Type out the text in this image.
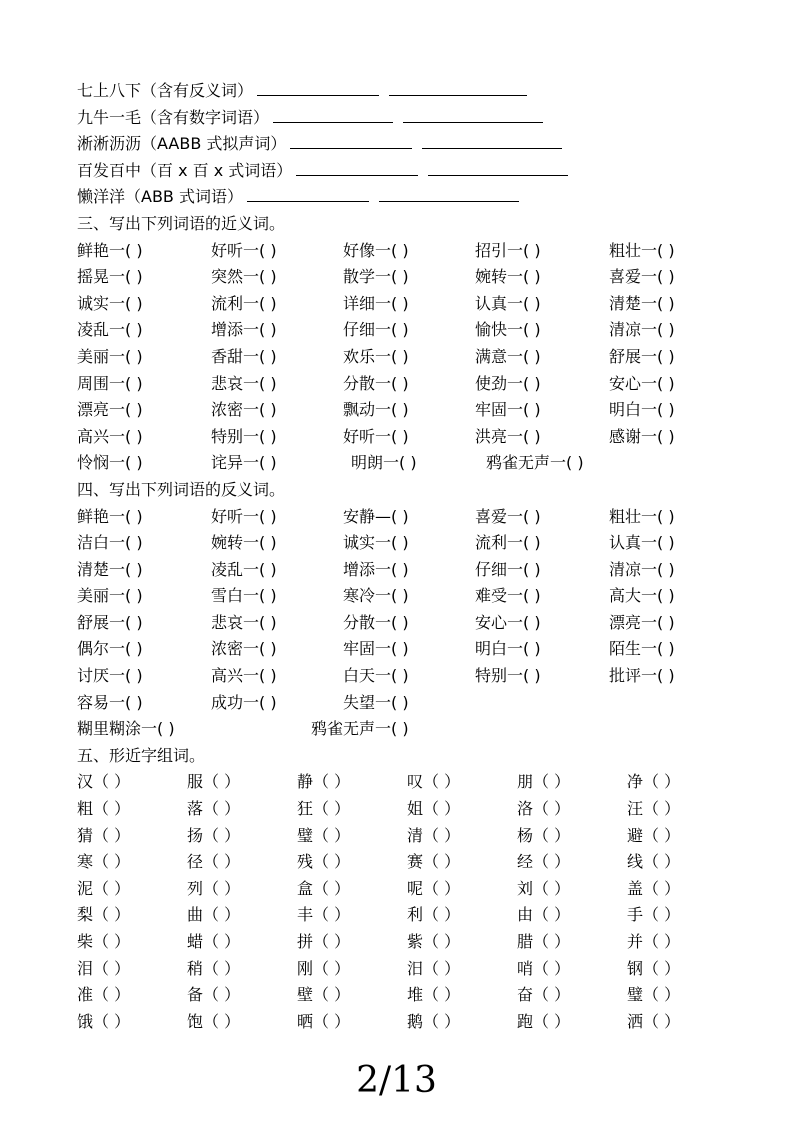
七上八下（含有反义词）
九牛一毛（含有数字词语）
淅淅沥沥（AABB 式拟声词）
百发百中（百 x 百 x 式词语）
懒洋洋（ABB 式词语）
三、写出下列词语的近义词。
鲜艳一( )	好听一( )	好像一( )	招引一( )	粗壮一( )
摇晃一( )	突然一( )	散学一( )	婉转一( )	喜爱一( )
诚实一( )	流利一( )	详细一( )	认真一( )	清楚一( )
凌乱一( )	增添一( )	仔细一( )	愉快一( )	清凉一( )
美丽一( )	香甜一( )	欢乐一( )	满意一( )	舒展一( )
周围一( )	悲哀一( )	分散一( )	使劲一( )	安心一( )
漂亮一( )	浓密一( )	飘动一( )	牢固一( )	明白一( )
高兴一( )	特别一( )	好听一( )	洪亮一( )	感谢一( )
怜悯一( )	诧异一( )	明朗一( )	鸦雀无声一( )
四、写出下列词语的反义词。
鲜艳一( )	好听一( )	安静—( )	喜爱一( )	粗壮一( )
洁白一( )	婉转一( )	诚实一( )	流利一( )	认真一( )
清楚一( )	凌乱一( )	增添一( )	仔细一( )	清凉一( )
美丽一( )	雪白一( )	寒冷一( )	难受一( )	高大一( )
舒展一( )	悲哀一( )	分散一( )	安心一( )	漂亮一( )
偶尔一( )	浓密一( )	牢固一( )	明白一( )	陌生一( )
讨厌一( )	高兴一( )	白天一( )	特别一( )	批评一( )
容易一( )	成功一( )	失望一( )
糊里糊涂一( )	鸦雀无声一( )
五、形近字组词。
汉（ ）	服（ ）	静（ ）	叹（ ）	朋（ ）	净（ ）
粗（ ）	落（ ）	狂（ ）	姐（ ）	洛（ ）	汪（ ）
猜（ ）	扬（ ）	璧（ ）	清（ ）	杨（ ）	避（ ）
寒（ ）	径（ ）	残（ ）	赛（ ）	经（ ）	线（ ）
泥（ ）	列（ ）	盒（ ）	呢（ ）	刘（ ）	盖（ ）
梨（ ）	曲（ ）	丰（ ）	利（ ）	由（ ）	手（ ）
柴（ ）	蜡（ ）	拼（ ）	紫（ ）	腊（ ）	并（ ）
泪（ ）	稍（ ）	刚（ ）	汨（ ）	哨（ ）	钢（ ）
准（ ）	备（ ）	壁（ ）	堆（ ）	奋（ ）	璧（ ）
饿（ ）	饱（ ）	晒（ ）	鹅（ ）	跑（ ）	洒（ ）
2/13
